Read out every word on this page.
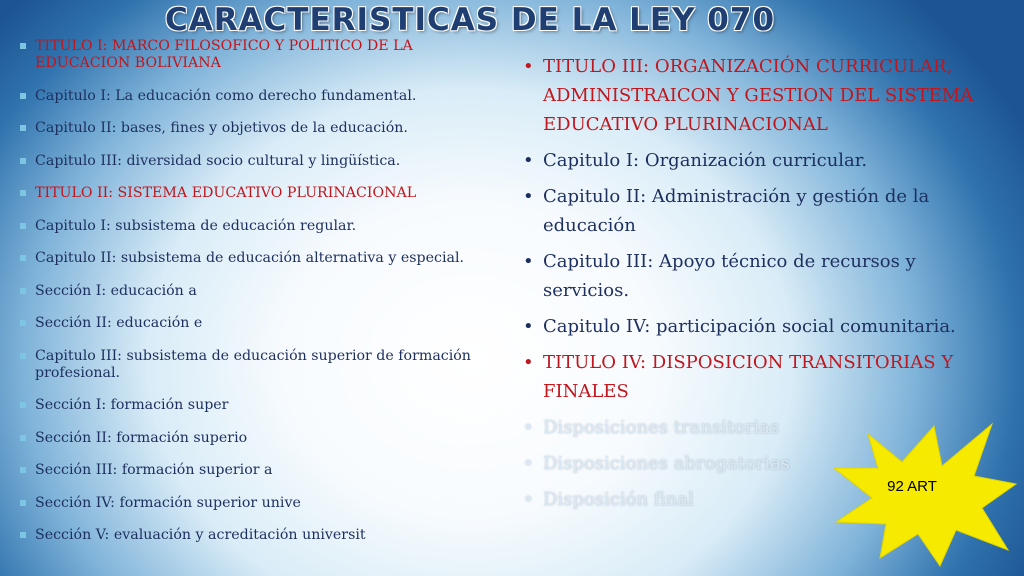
CARACTERISTICAS DE LA LEY 070
TITULO I: MARCO FILOSOFICO Y POLITICO DE LA EDUCACION BOLIVIANA
Capitulo I: La educación como derecho fundamental.
Capitulo II: bases, fines y objetivos de la educación.
Capitulo III: diversidad socio cultural y lingüística.
TITULO II: SISTEMA EDUCATIVO PLURINACIONAL
Capitulo I: subsistema de educación regular.
Capitulo II: subsistema de educación alternativa y especial.
Sección I: educación a
Sección II: educación e
Capitulo III: subsistema de educación superior de formación profesional.
Sección I: formación super
Sección II: formación superio
Sección III: formación superior a
Sección IV: formación superior unive
Sección V: evaluación y acreditación universit
• TITULO III: ORGANIZACIÓN CURRICULAR, ADMINISTRAICON Y GESTION DEL SISTEMA EDUCATIVO PLURINACIONAL
• Capitulo I: Organización curricular.
• Capitulo II: Administración y gestión de la educación
• Capitulo III: Apoyo técnico de recursos y servicios.
• Capitulo IV: participación social comunitaria.
• TITULO IV: DISPOSICION TRANSITORIAS Y FINALES
• Disposiciones transitorias
• Disposiciones abrogatorias
• Disposición final
92 ART
